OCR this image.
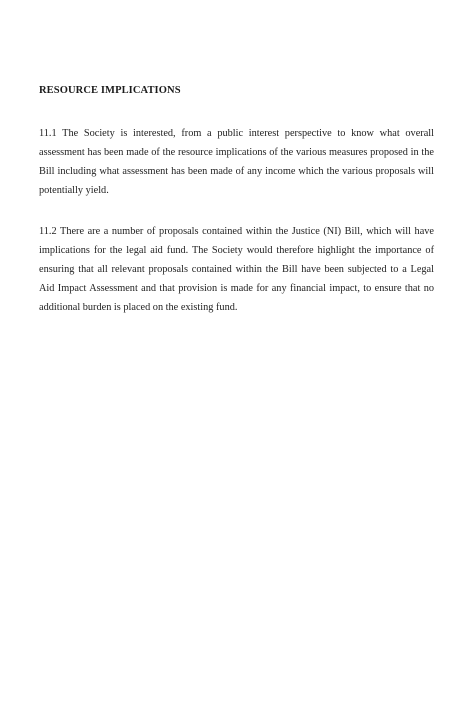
RESOURCE IMPLICATIONS

11.1 The Society is interested, from a public interest perspective to know what overall assessment has been made of the resource implications of the various measures proposed in the Bill including what assessment has been made of any income which the various proposals will potentially yield.

11.2 There are a number of proposals contained within the Justice (NI) Bill, which will have implications for the legal aid fund. The Society would therefore highlight the importance of ensuring that all relevant proposals contained within the Bill have been subjected to a Legal Aid Impact Assessment and that provision is made for any financial impact, to ensure that no additional burden is placed on the existing fund.
